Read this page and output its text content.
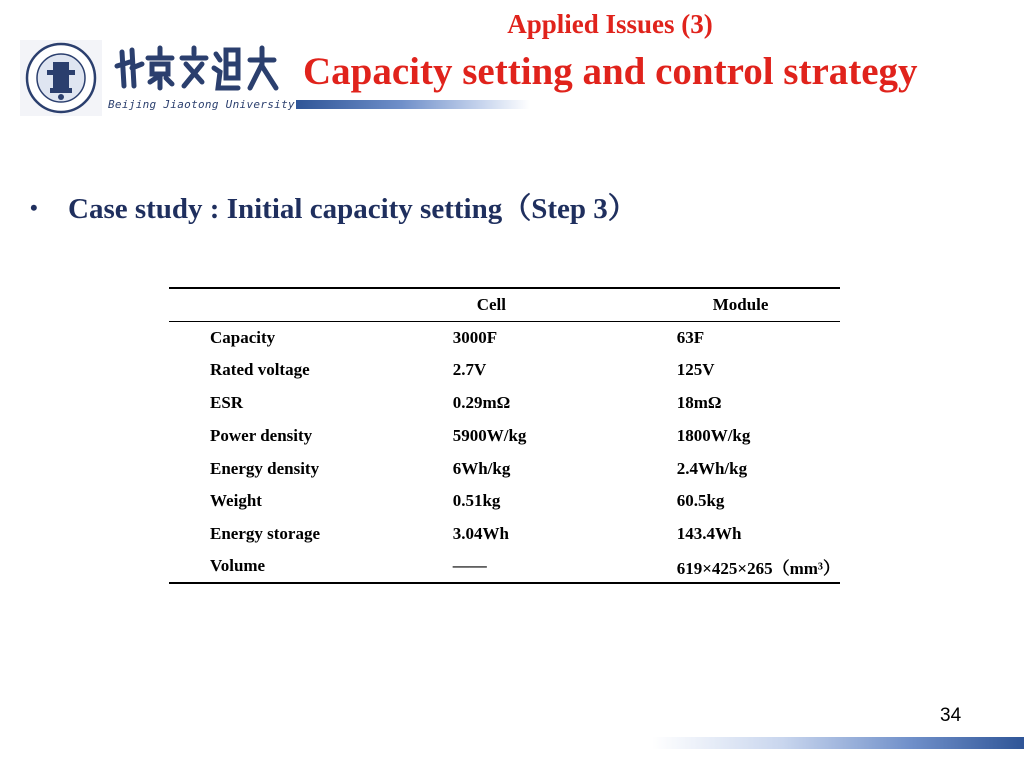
Beijing Jiaotong University
Applied Issues (3)
Capacity setting and control strategy
• Case study : Initial capacity setting（Step 3）
	Cell	Module
Capacity	3000F	63F
Rated voltage	2.7V	125V
ESR	0.29mΩ	18mΩ
Power density	5900W/kg	1800W/kg
Energy density	6Wh/kg	2.4Wh/kg
Weight	0.51kg	60.5kg
Energy storage	3.04Wh	143.4Wh
Volume	——	619×425×265（mm³）
34
